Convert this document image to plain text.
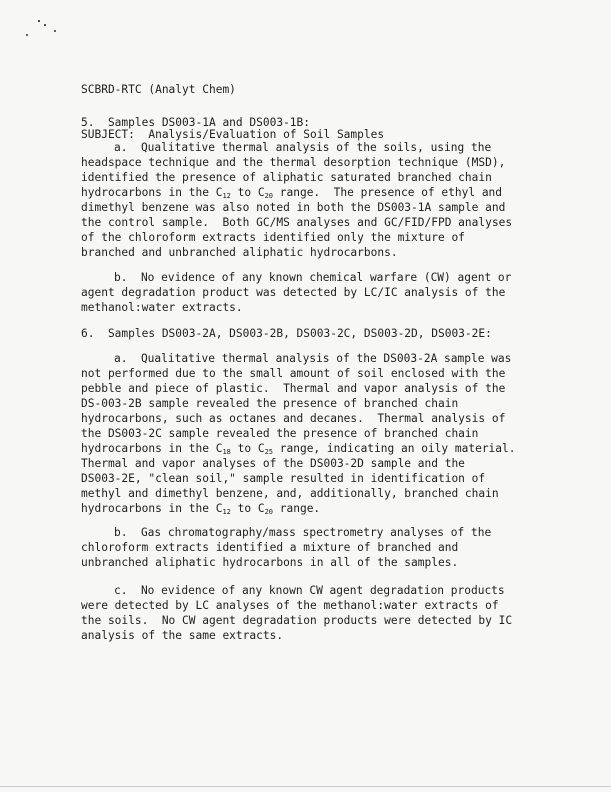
SCBRD-RTC (Analyt Chem)

SUBJECT:  Analysis/Evaluation of Soil Samples

5.  Samples DS003-1A and DS003-1B:
a.  Qualitative thermal analysis of the soils, using the
headspace technique and the thermal desorption technique (MSD),
identified the presence of aliphatic saturated branched chain
hydrocarbons in the $C_{12}$ to $C_{20}$ range.  The presence of ethyl and
dimethyl benzene was also noted in both the DS003-1A sample and
the control sample.  Both GC/MS analyses and GC/FID/FPD analyses
of the chloroform extracts identified only the mixture of
branched and unbranched aliphatic hydrocarbons.
b.  No evidence of any known chemical warfare (CW) agent or
agent degradation product was detected by LC/IC analysis of the
methanol:water extracts.
6.  Samples DS003-2A, DS003-2B, DS003-2C, DS003-2D, DS003-2E:
a.  Qualitative thermal analysis of the DS003-2A sample was
not performed due to the small amount of soil enclosed with the
pebble and piece of plastic.  Thermal and vapor analysis of the
DS-003-2B sample revealed the presence of branched chain
hydrocarbons, such as octanes and decanes.  Thermal analysis of
the DS003-2C sample revealed the presence of branched chain
hydrocarbons in the $C_{18}$ to $C_{25}$ range, indicating an oily material.
Thermal and vapor analyses of the DS003-2D sample and the
DS003-2E, "clean soil," sample resulted in identification of
methyl and dimethyl benzene, and, additionally, branched chain
hydrocarbons in the $C_{12}$ to $C_{20}$ range.
b.  Gas chromatography/mass spectrometry analyses of the
chloroform extracts identified a mixture of branched and
unbranched aliphatic hydrocarbons in all of the samples.
c.  No evidence of any known CW agent degradation products
were detected by LC analyses of the methanol:water extracts of
the soils.  No CW agent degradation products were detected by IC
analysis of the same extracts.
